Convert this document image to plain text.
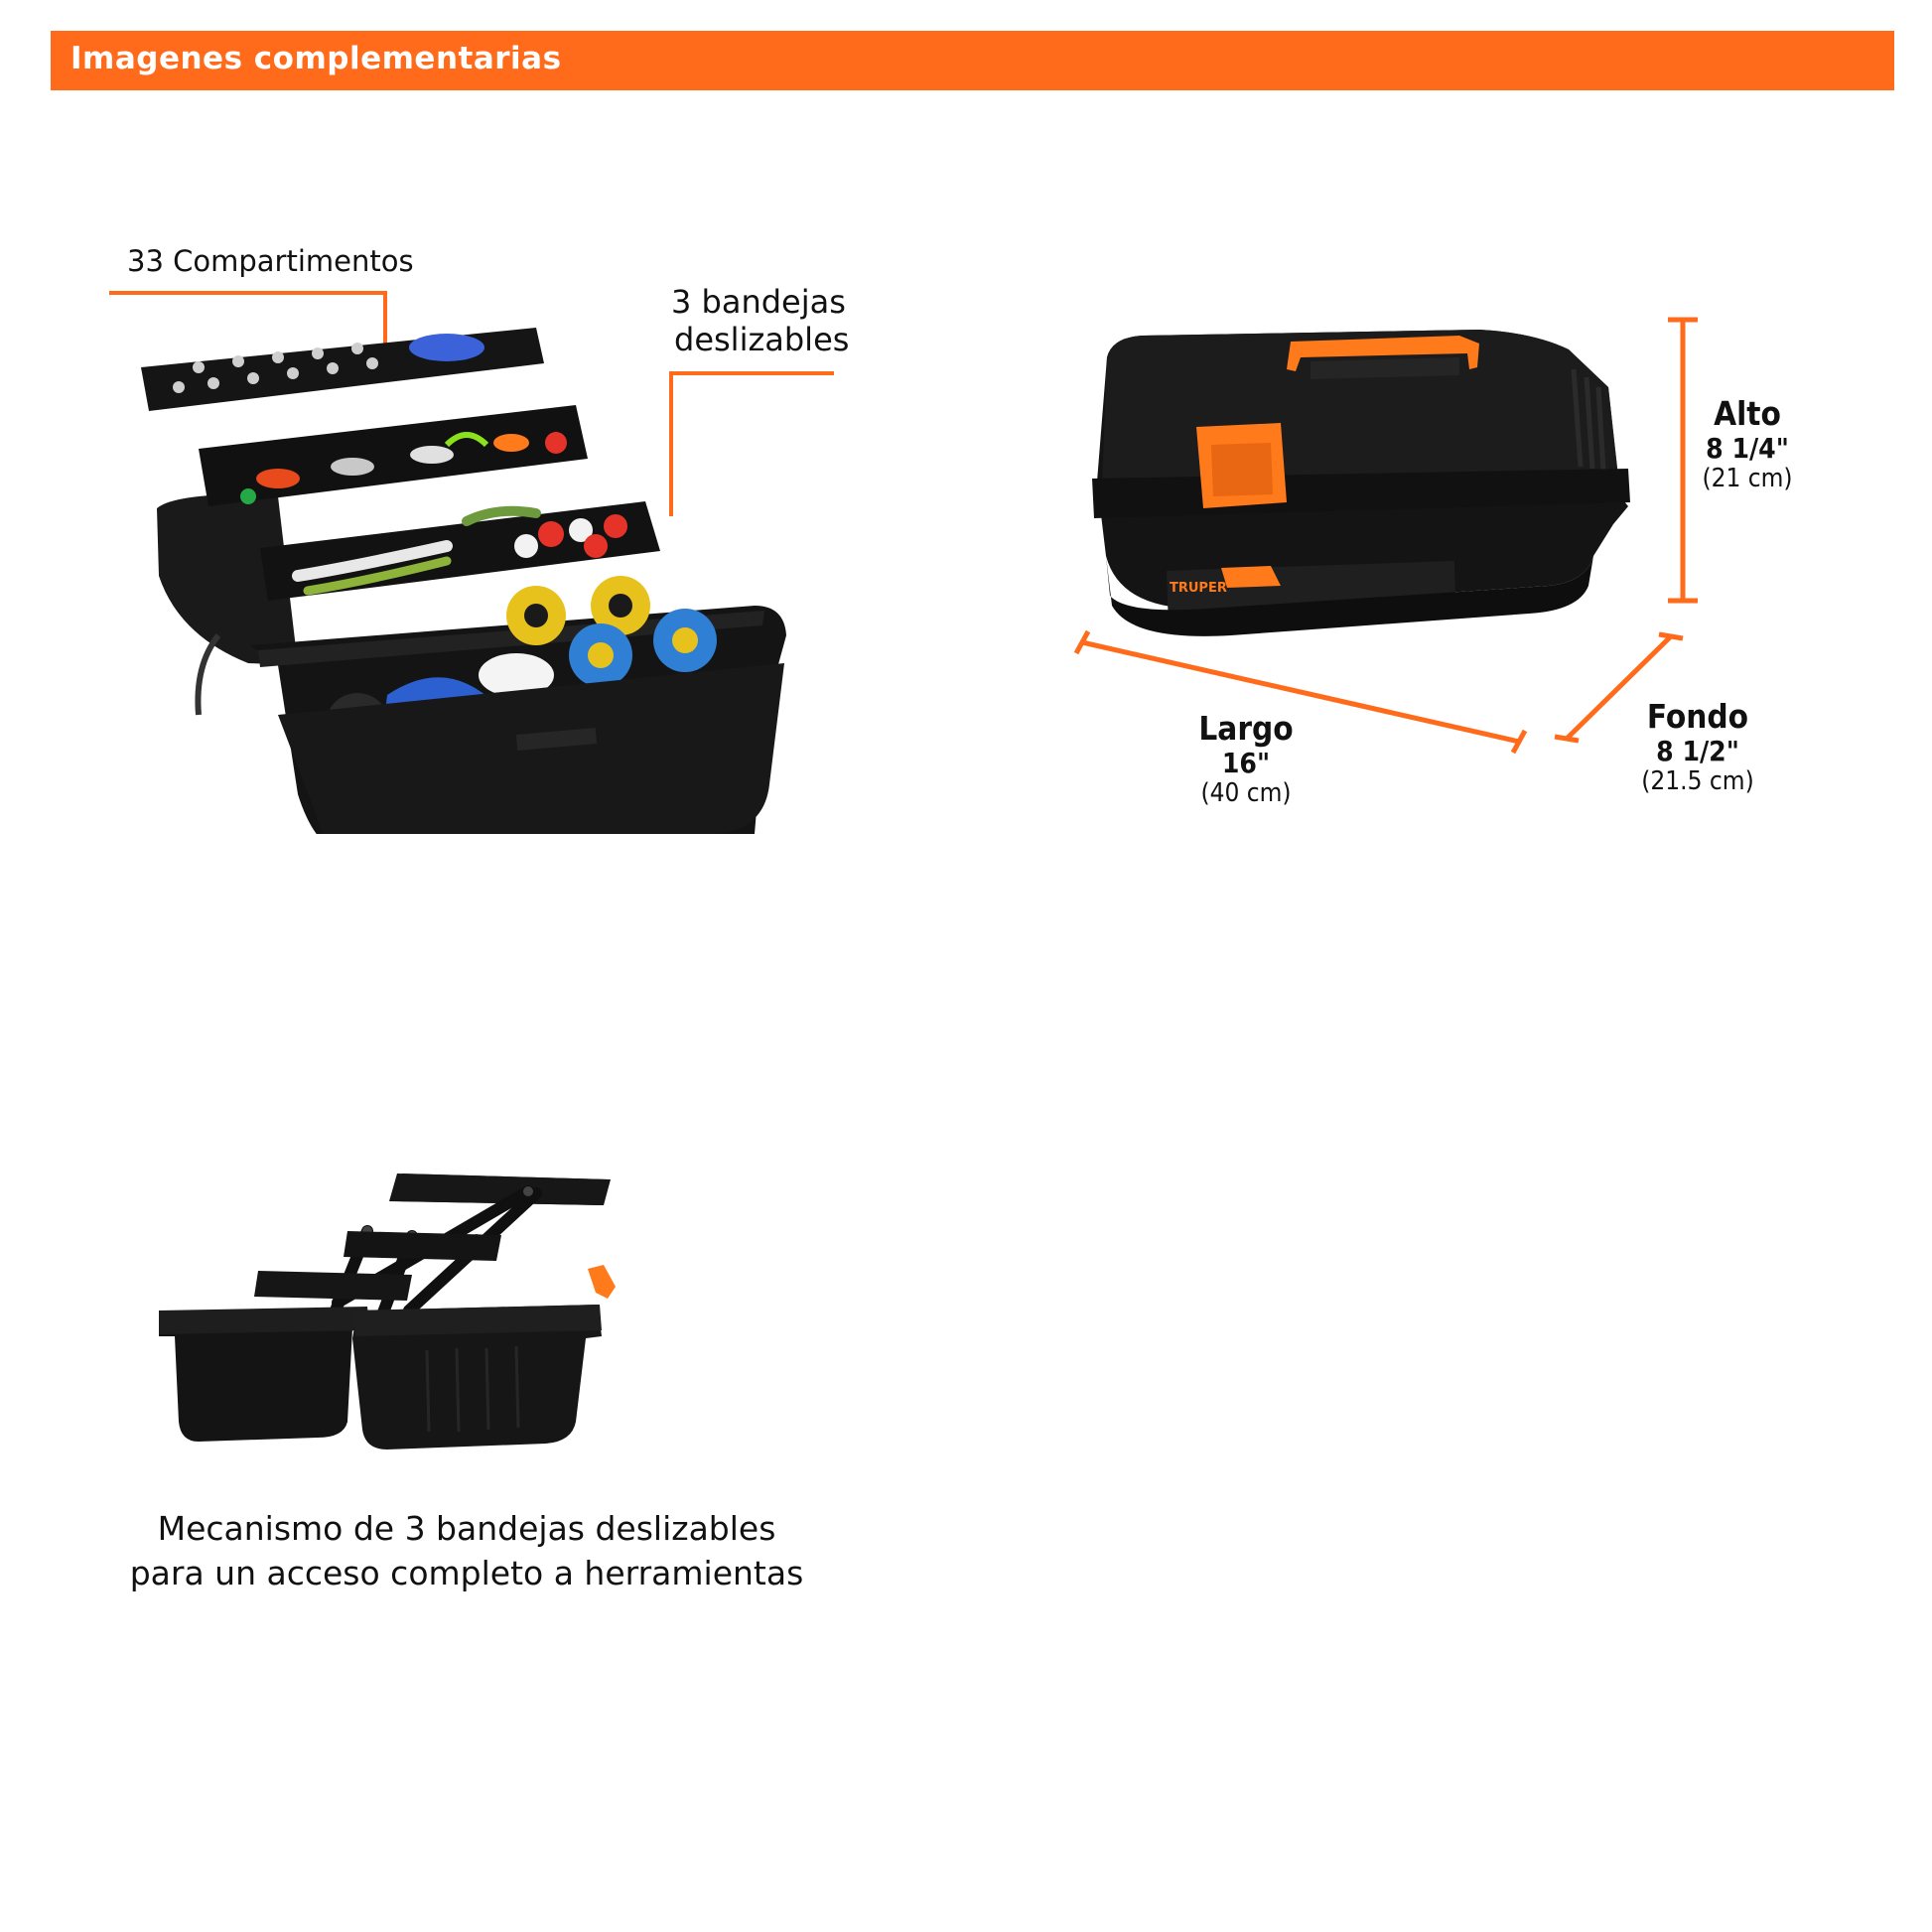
Imagenes complementarias
33 Compartimentos
3 bandejas
deslizables
TRUPER
Alto
8 1/4"
(21 cm)
Largo
16"
(40 cm)
Fondo
8 1/2"
(21.5 cm)
Mecanismo de 3 bandejas deslizables
para un acceso completo a herramientas
